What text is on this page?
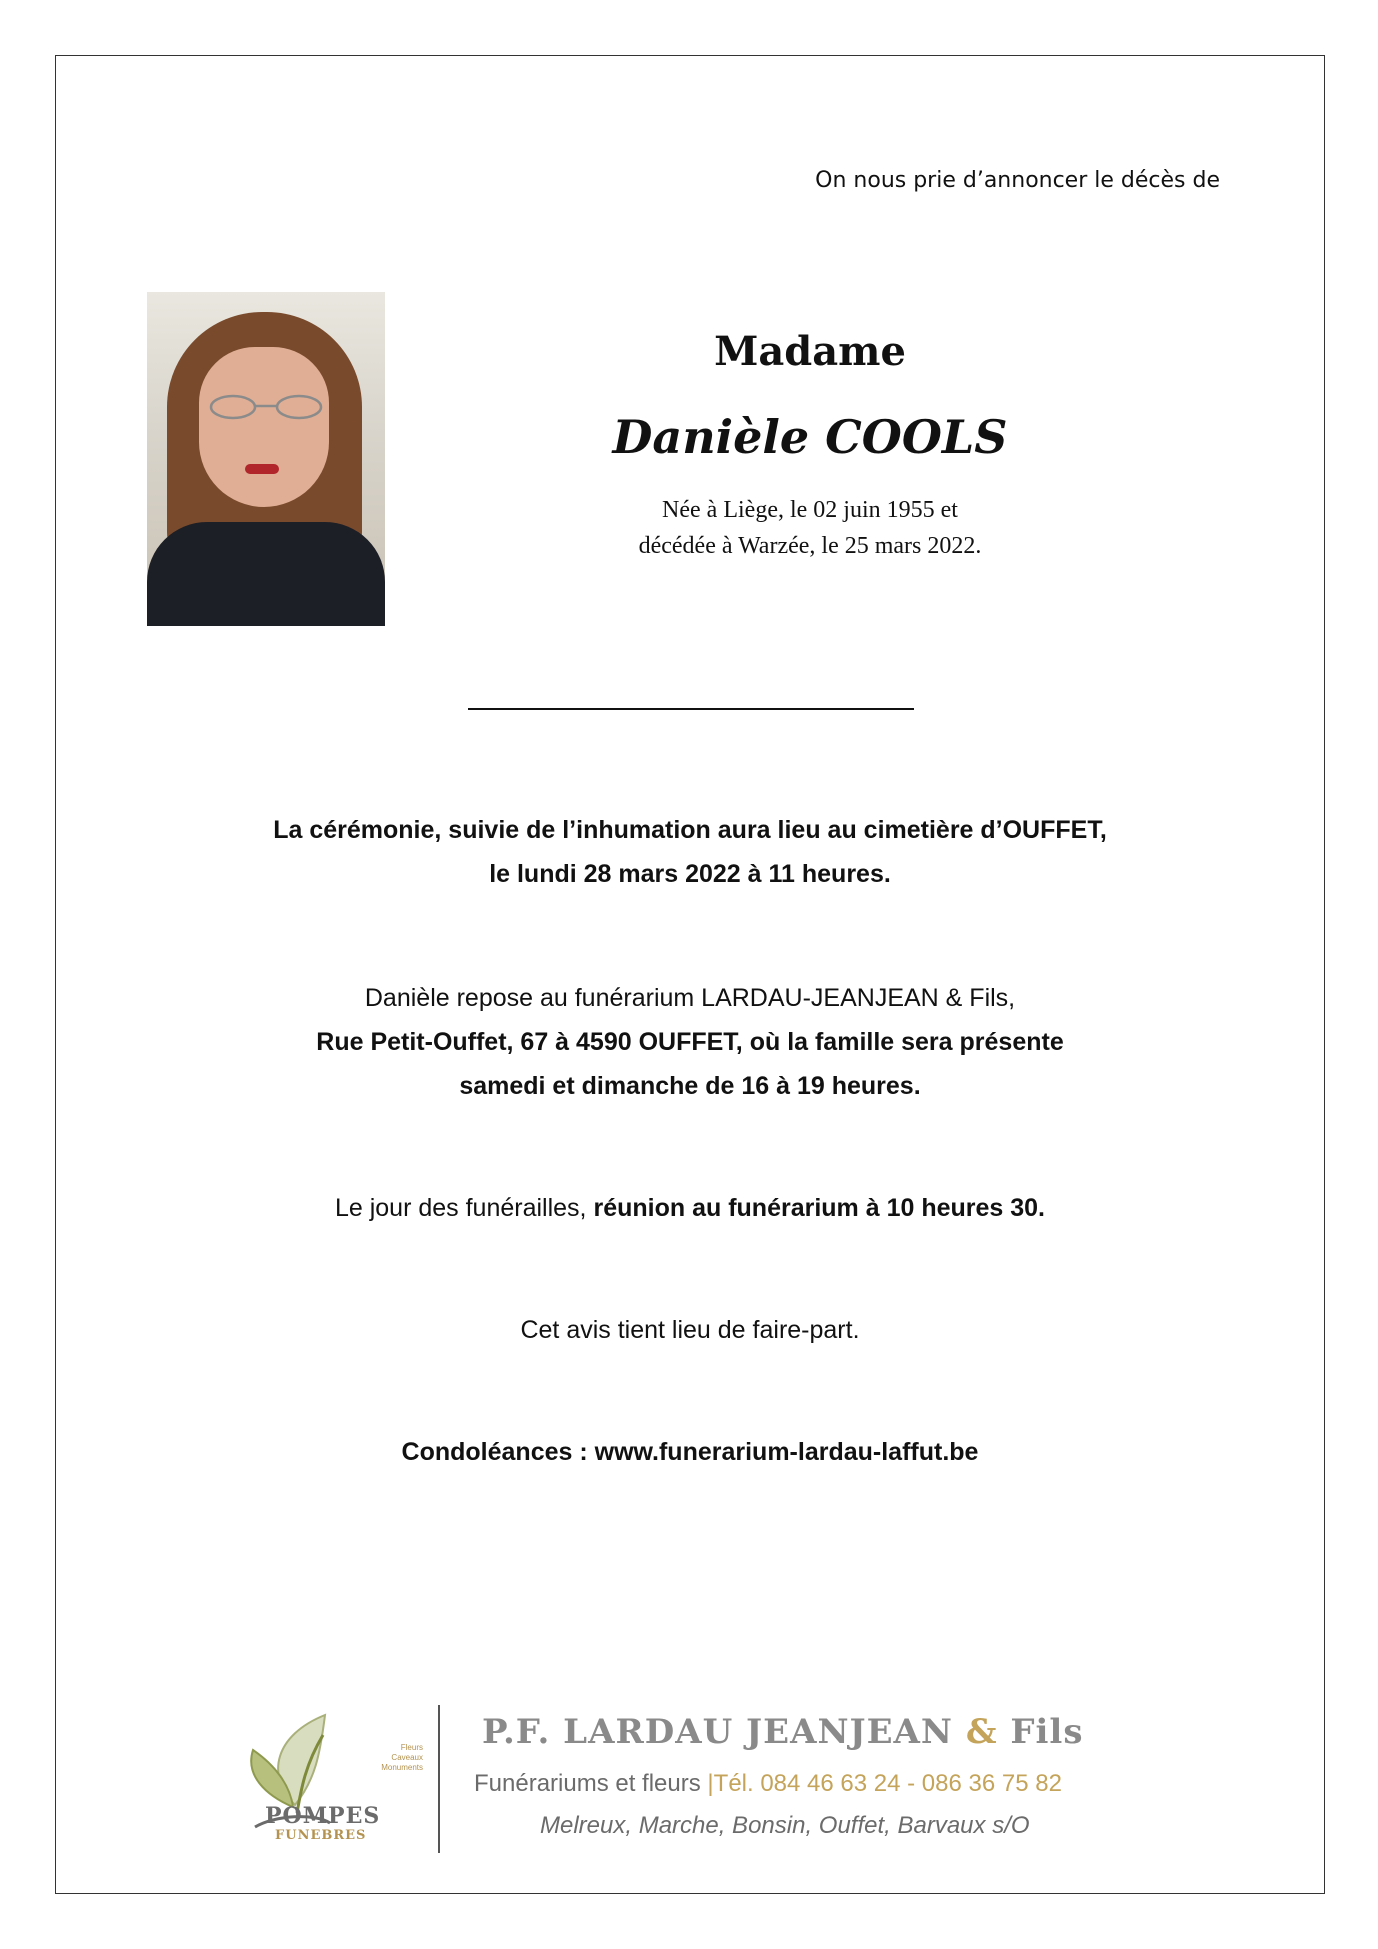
On nous prie d’annoncer le décès de
Madame
Danièle COOLS
Née à Liège, le 02 juin 1955 et
décédée à Warzée, le 25 mars 2022.
La cérémonie, suivie de l’inhumation aura lieu au cimetière d’OUFFET,
le lundi 28 mars 2022 à 11 heures.
Danièle repose au funérarium LARDAU-JEANJEAN & Fils,
Rue Petit-Ouffet, 67 à 4590 OUFFET, où la famille sera présente
samedi et dimanche de 16 à 19 heures.
Le jour des funérailles, réunion au funérarium à 10 heures 30.
Cet avis tient lieu de faire-part.
Condoléances : www.funerarium-lardau-laffut.be
Fleurs
Caveaux
Monuments
POMPES
FUNEBRES
P.F. LARDAU JEANJEAN & Fils
Funérariums et fleurs |Tél. 084 46 63 24 - 086 36 75 82
Melreux, Marche, Bonsin, Ouffet, Barvaux s/O
